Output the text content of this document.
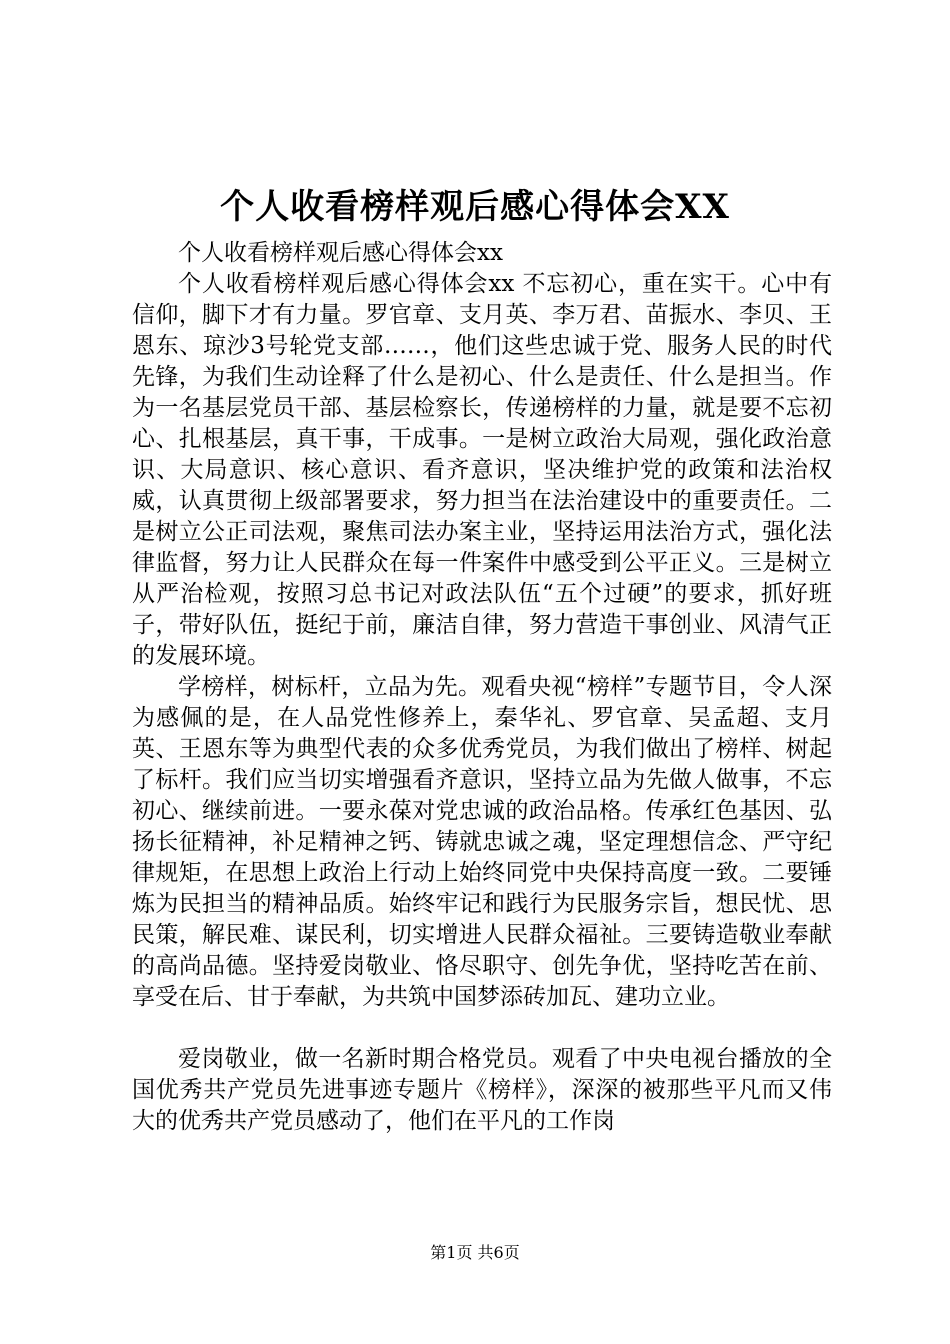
个人收看榜样观后感心得体会XX

个人收看榜样观后感心得体会xx

个人收看榜样观后感心得体会xx 不忘初心，重在实干。心中有信仰，脚下才有力量。罗官章、支月英、李万君、苗振水、李贝、王恩东、琼沙3号轮党支部……，他们这些忠诚于党、服务人民的时代先锋，为我们生动诠释了什么是初心、什么是责任、什么是担当。作为一名基层党员干部、基层检察长，传递榜样的力量，就是要不忘初心、扎根基层，真干事，干成事。一是树立政治大局观，强化政治意识、大局意识、核心意识、看齐意识，坚决维护党的政策和法治权威，认真贯彻上级部署要求，努力担当在法治建设中的重要责任。二是树立公正司法观，聚焦司法办案主业，坚持运用法治方式，强化法律监督，努力让人民群众在每一件案件中感受到公平正义。三是树立从严治检观，按照习总书记对政法队伍“五个过硬”的要求，抓好班子，带好队伍，挺纪于前，廉洁自律，努力营造干事创业、风清气正的发展环境。

学榜样，树标杆，立品为先。观看央视“榜样”专题节目，令人深为感佩的是，在人品党性修养上，秦华礼、罗官章、吴孟超、支月英、王恩东等为典型代表的众多优秀党员，为我们做出了榜样、树起了标杆。我们应当切实增强看齐意识，坚持立品为先做人做事，不忘初心、继续前进。一要永葆对党忠诚的政治品格。传承红色基因、弘扬长征精神，补足精神之钙、铸就忠诚之魂，坚定理想信念、严守纪律规矩，在思想上政治上行动上始终同党中央保持高度一致。二要锤炼为民担当的精神品质。始终牢记和践行为民服务宗旨，想民忧、思民策，解民难、谋民利，切实增进人民群众福祉。三要铸造敬业奉献的高尚品德。坚持爱岗敬业、恪尽职守、创先争优，坚持吃苦在前、享受在后、甘于奉献，为共筑中国梦添砖加瓦、建功立业。

爱岗敬业，做一名新时期合格党员。观看了中央电视台播放的全国优秀共产党员先进事迹专题片《榜样》，深深的被那些平凡而又伟大的优秀共产党员感动了，他们在平凡的工作岗

第1页 共6页
